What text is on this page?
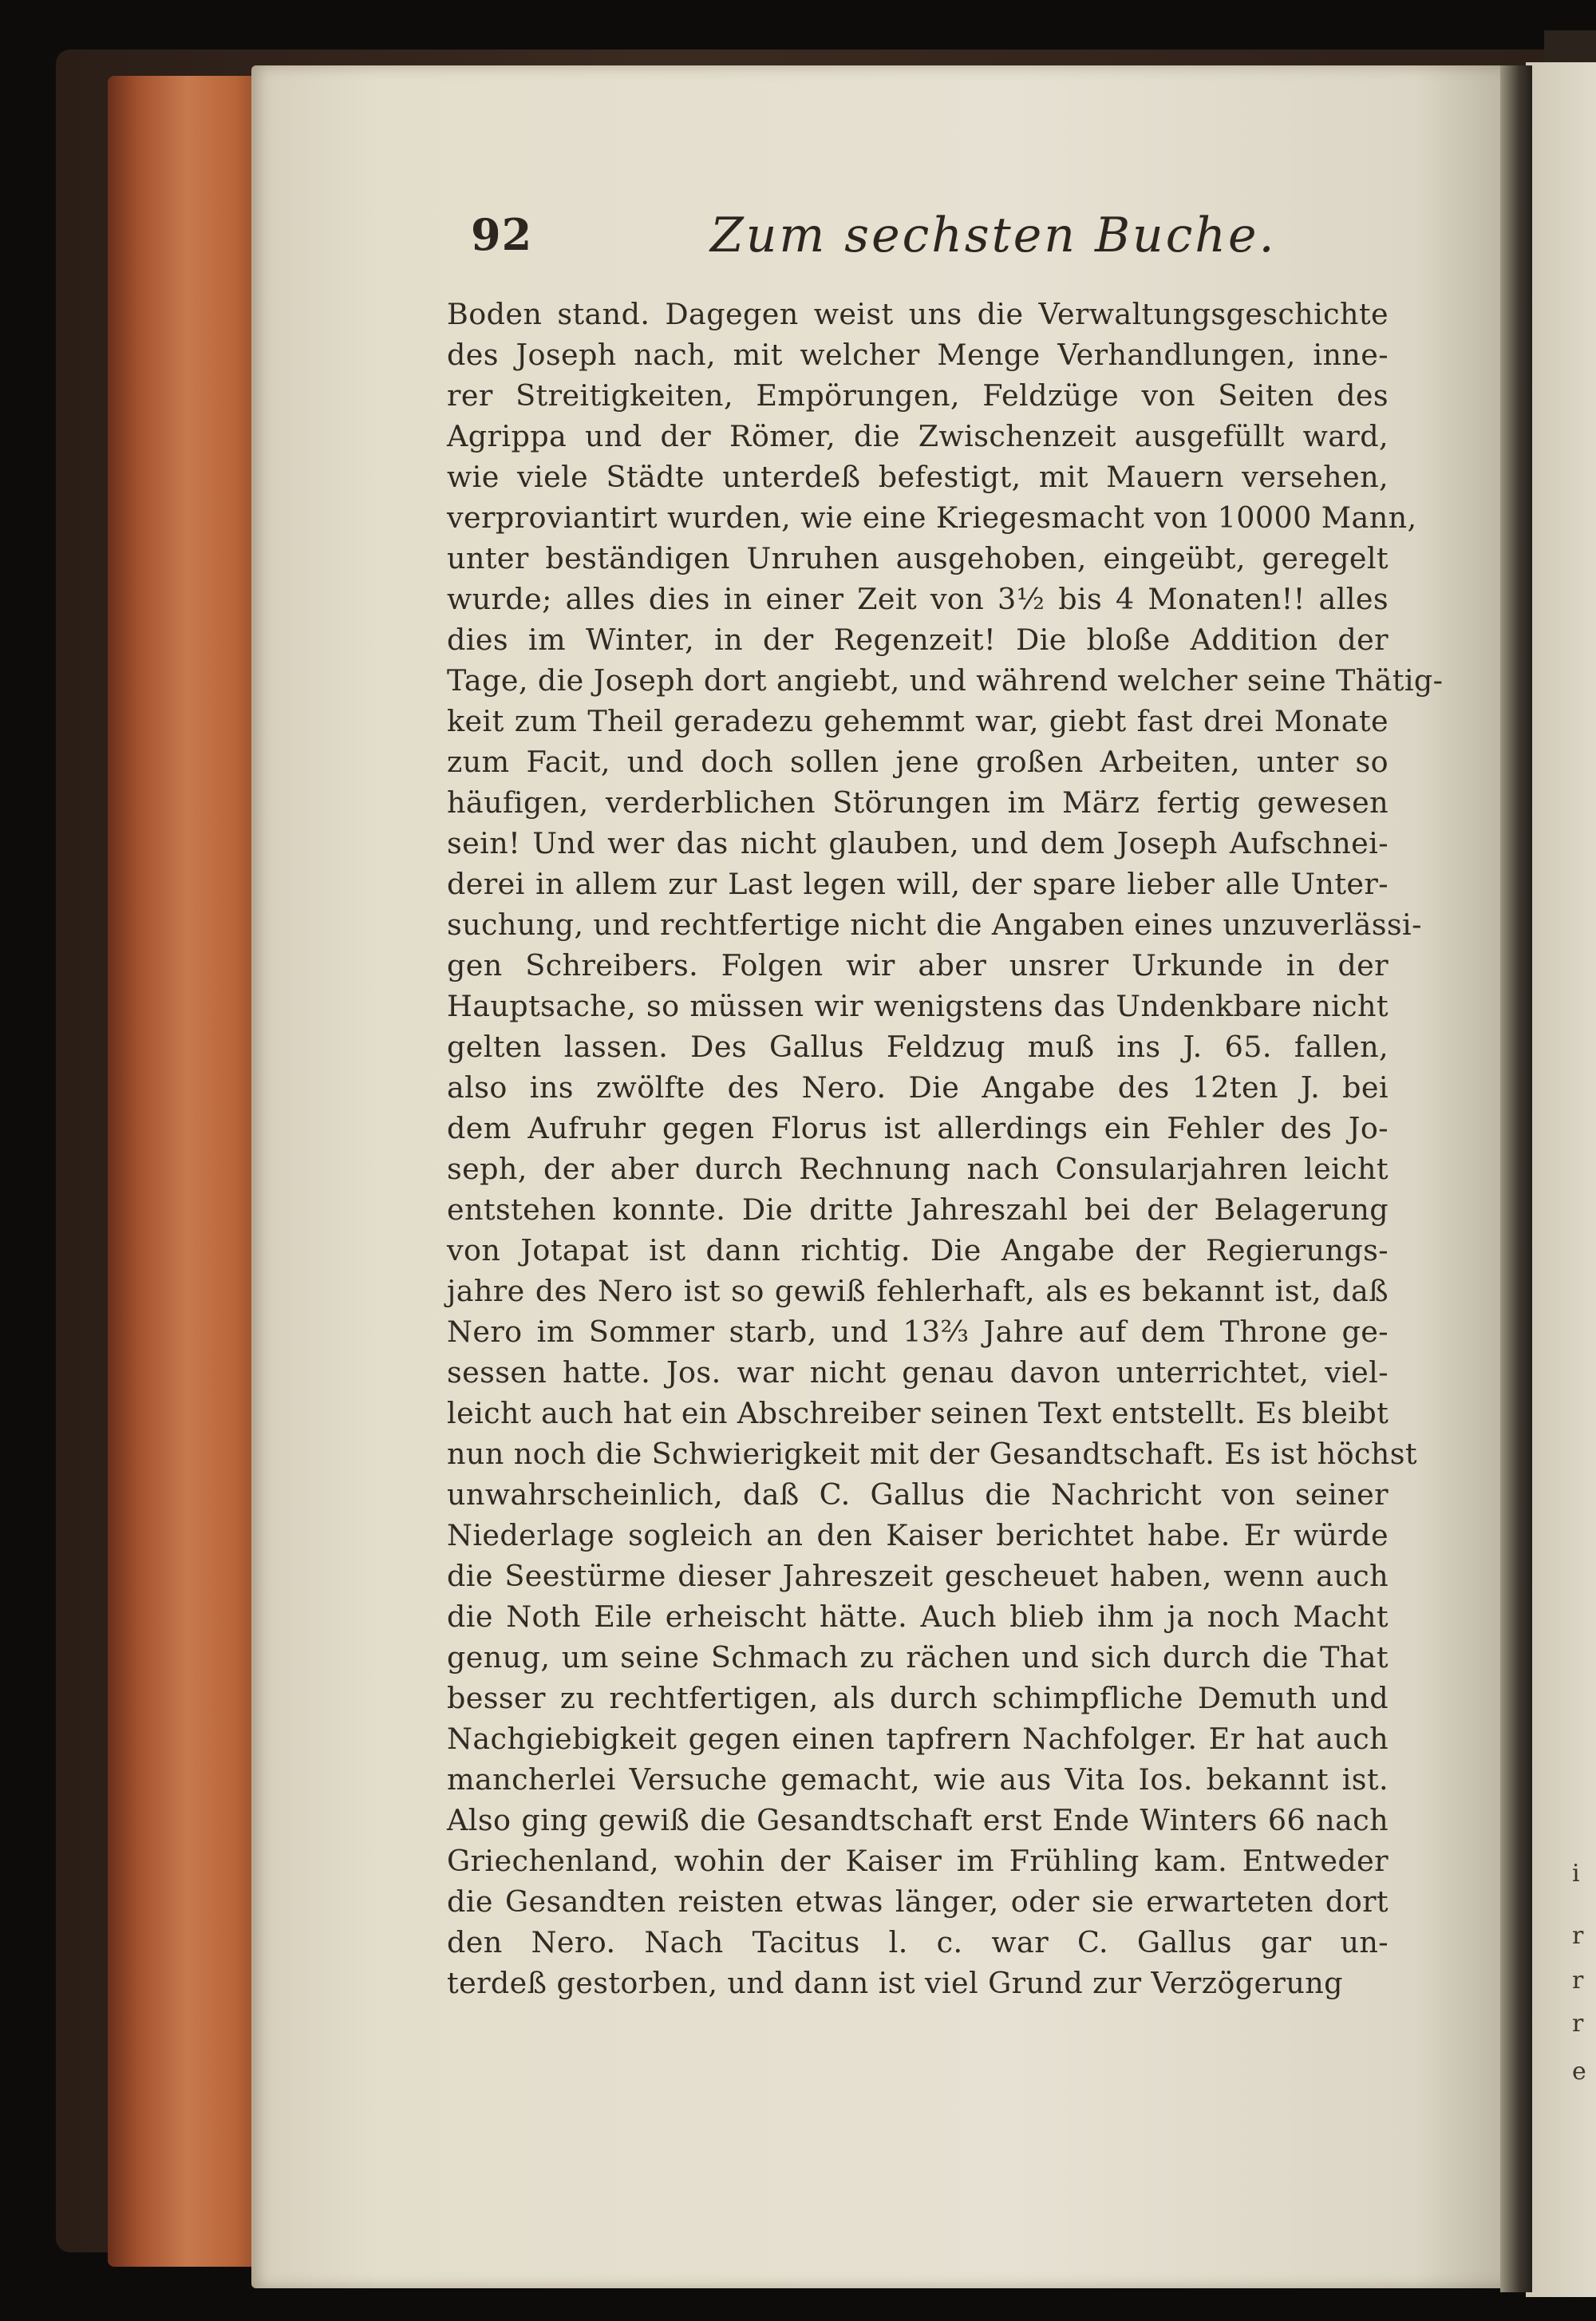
i
r
r
r
e
92	Zum sechsten Buche.
Boden stand. Dagegen weist uns die Verwaltungsgeschichte
des Joseph nach, mit welcher Menge Verhandlungen, inne-
rer Streitigkeiten, Empörungen, Feldzüge von Seiten des
Agrippa und der Römer, die Zwischenzeit ausgefüllt ward,
wie viele Städte unterdeß befestigt, mit Mauern versehen,
verproviantirt wurden, wie eine Kriegesmacht von 10000 Mann,
unter beständigen Unruhen ausgehoben, eingeübt, geregelt
wurde; alles dies in einer Zeit von 3½ bis 4 Monaten!! alles
dies im Winter, in der Regenzeit! Die bloße Addition der
Tage, die Joseph dort angiebt, und während welcher seine Thätig-
keit zum Theil geradezu gehemmt war, giebt fast drei Monate
zum Facit, und doch sollen jene großen Arbeiten, unter so
häufigen, verderblichen Störungen im März fertig gewesen
sein! Und wer das nicht glauben, und dem Joseph Aufschnei-
derei in allem zur Last legen will, der spare lieber alle Unter-
suchung, und rechtfertige nicht die Angaben eines unzuverlässi-
gen Schreibers. Folgen wir aber unsrer Urkunde in der
Hauptsache, so müssen wir wenigstens das Undenkbare nicht
gelten lassen. Des Gallus Feldzug muß ins J. 65. fallen,
also ins zwölfte des Nero. Die Angabe des 12ten J. bei
dem Aufruhr gegen Florus ist allerdings ein Fehler des Jo-
seph, der aber durch Rechnung nach Consularjahren leicht
entstehen konnte. Die dritte Jahreszahl bei der Belagerung
von Jotapat ist dann richtig. Die Angabe der Regierungs-
jahre des Nero ist so gewiß fehlerhaft, als es bekannt ist, daß
Nero im Sommer starb, und 13⅔ Jahre auf dem Throne ge-
sessen hatte. Jos. war nicht genau davon unterrichtet, viel-
leicht auch hat ein Abschreiber seinen Text entstellt. Es bleibt
nun noch die Schwierigkeit mit der Gesandtschaft. Es ist höchst
unwahrscheinlich, daß C. Gallus die Nachricht von seiner
Niederlage sogleich an den Kaiser berichtet habe. Er würde
die Seestürme dieser Jahreszeit gescheuet haben, wenn auch
die Noth Eile erheischt hätte. Auch blieb ihm ja noch Macht
genug, um seine Schmach zu rächen und sich durch die That
besser zu rechtfertigen, als durch schimpfliche Demuth und
Nachgiebigkeit gegen einen tapfrern Nachfolger. Er hat auch
mancherlei Versuche gemacht, wie aus Vita Ios. bekannt ist.
Also ging gewiß die Gesandtschaft erst Ende Winters 66 nach
Griechenland, wohin der Kaiser im Frühling kam. Entweder
die Gesandten reisten etwas länger, oder sie erwarteten dort
den Nero. Nach Tacitus l. c. war C. Gallus gar un-
terdeß gestorben, und dann ist viel Grund zur Verzögerung
